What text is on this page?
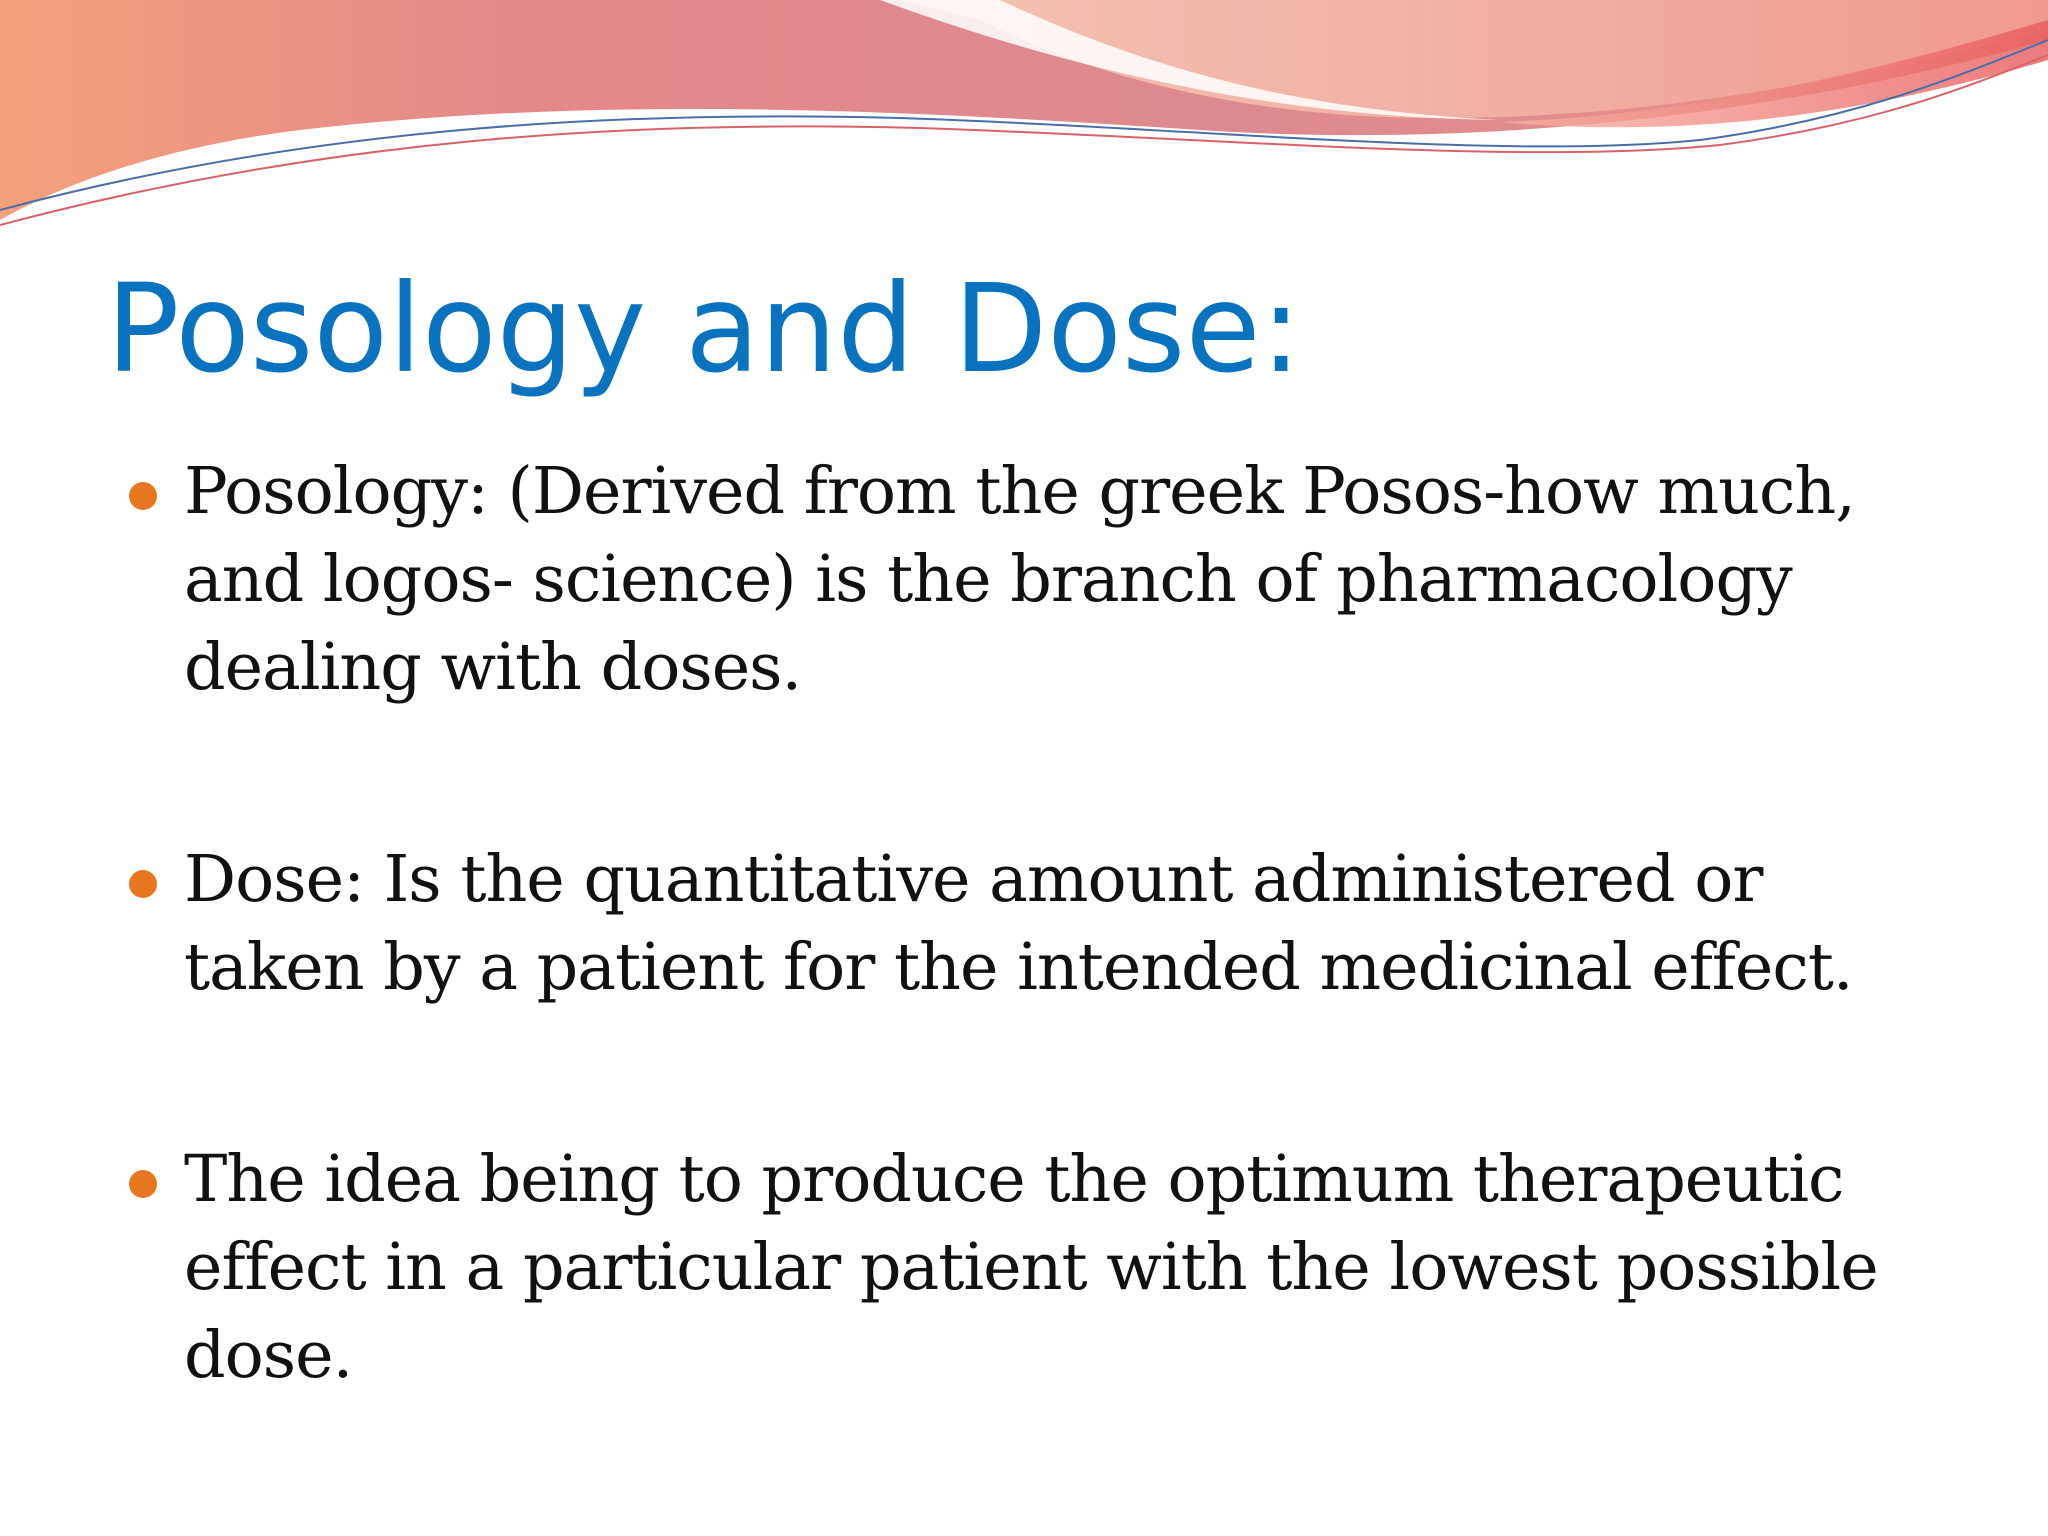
Posology and Dose:
Posology: (Derived from the greek Posos-how much,
and logos- science) is the branch of pharmacology
dealing with doses.
Dose: Is the quantitative amount administered or
taken by a patient for the intended medicinal effect.
The idea being to produce the optimum therapeutic
effect in a particular patient with the lowest possible
dose.
